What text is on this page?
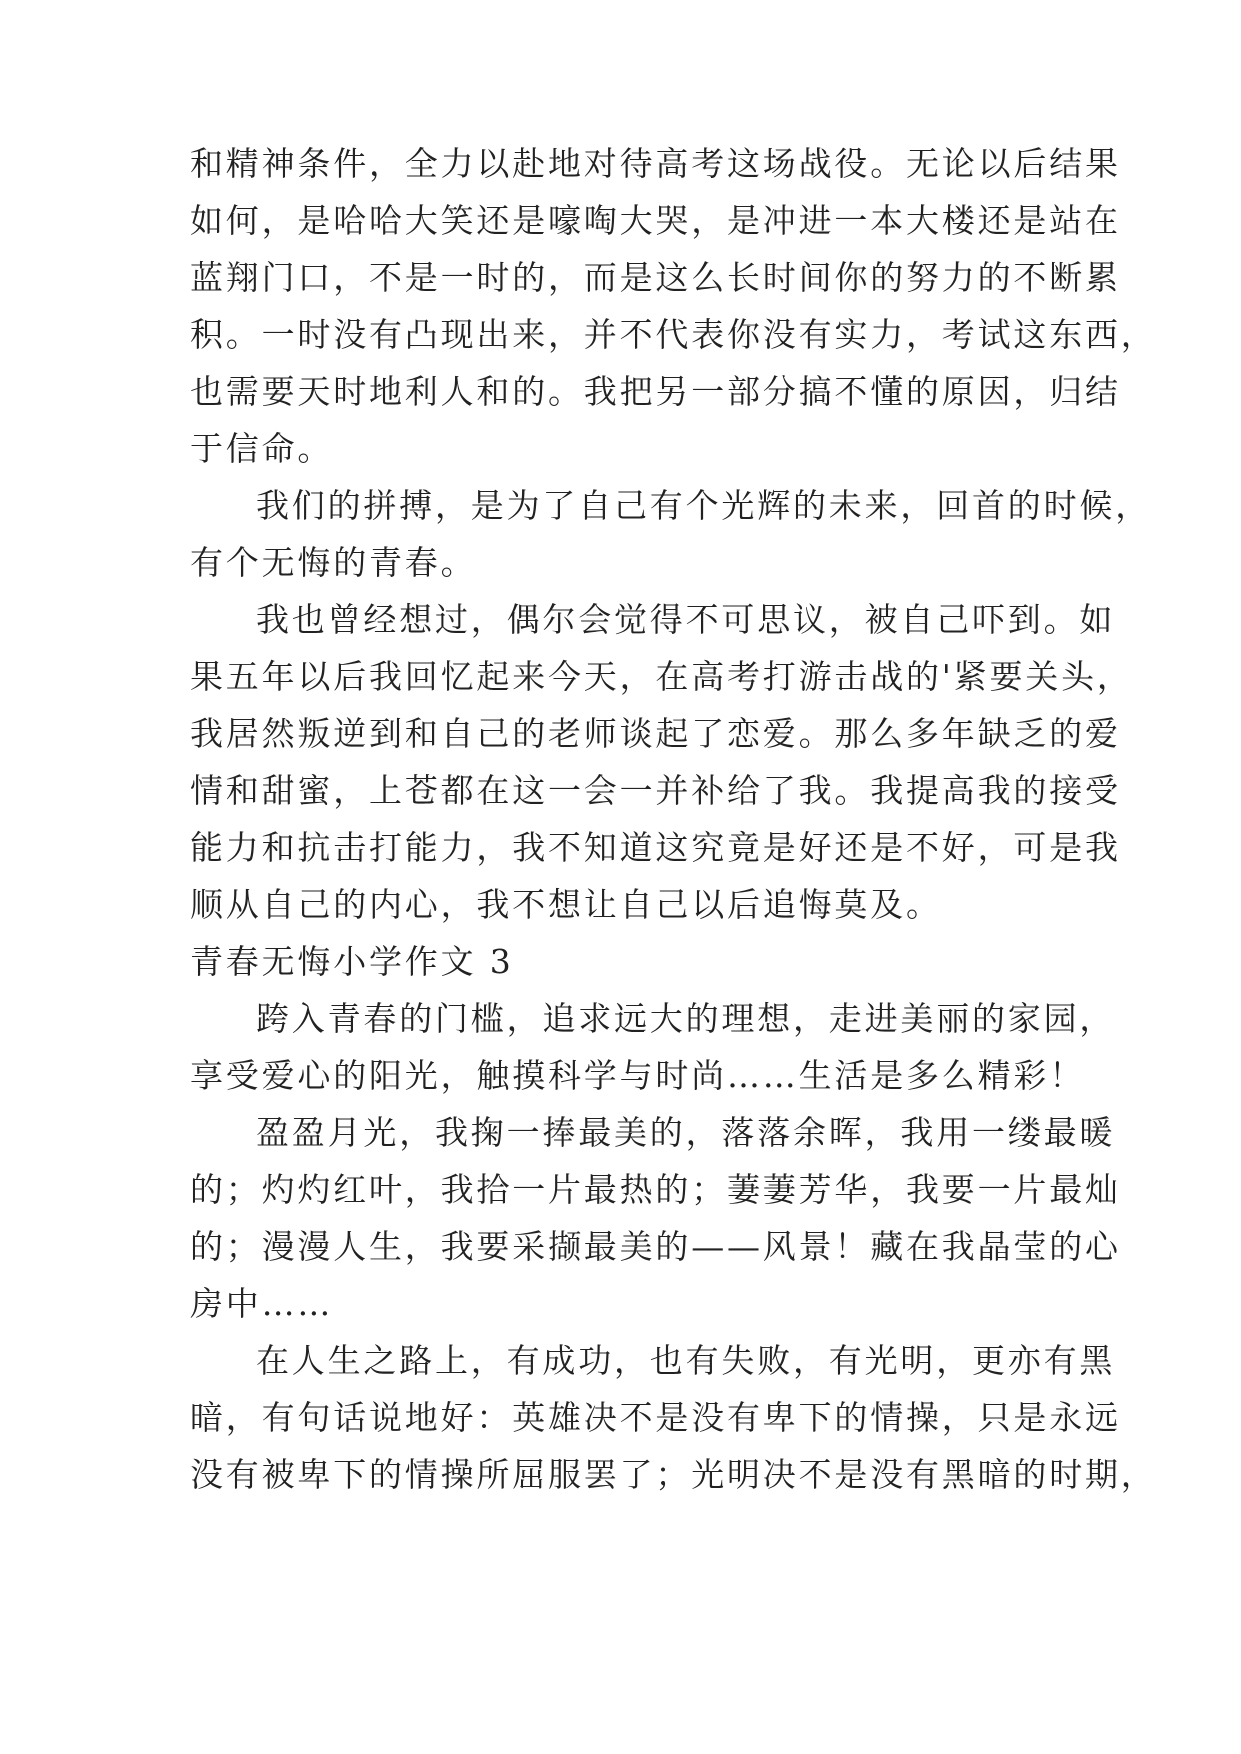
和精神条件，全力以赴地对待高考这场战役。无论以后结果
如何，是哈哈大笑还是嚎啕大哭，是冲进一本大楼还是站在
蓝翔门口，不是一时的，而是这么长时间你的努力的不断累
积。一时没有凸现出来，并不代表你没有实力，考试这东西，
也需要天时地利人和的。我把另一部分搞不懂的原因，归结
于信命。
我们的拼搏，是为了自己有个光辉的未来，回首的时候，
有个无悔的青春。
我也曾经想过，偶尔会觉得不可思议，被自己吓到。如
果五年以后我回忆起来今天，在高考打游击战的'紧要关头，
我居然叛逆到和自己的老师谈起了恋爱。那么多年缺乏的爱
情和甜蜜，上苍都在这一会一并补给了我。我提高我的接受
能力和抗击打能力，我不知道这究竟是好还是不好，可是我
顺从自己的内心，我不想让自己以后追悔莫及。
青春无悔小学作文 3
跨入青春的门槛，追求远大的理想，走进美丽的家园，
享受爱心的阳光，触摸科学与时尚……生活是多么精彩！
盈盈月光，我掬一捧最美的，落落余晖，我用一缕最暖
的；灼灼红叶，我拾一片最热的；萋萋芳华，我要一片最灿
的；漫漫人生，我要采撷最美的——风景！藏在我晶莹的心
房中……
在人生之路上，有成功，也有失败，有光明，更亦有黑
暗，有句话说地好：英雄决不是没有卑下的情操，只是永远
没有被卑下的情操所屈服罢了；光明决不是没有黑暗的时期，
